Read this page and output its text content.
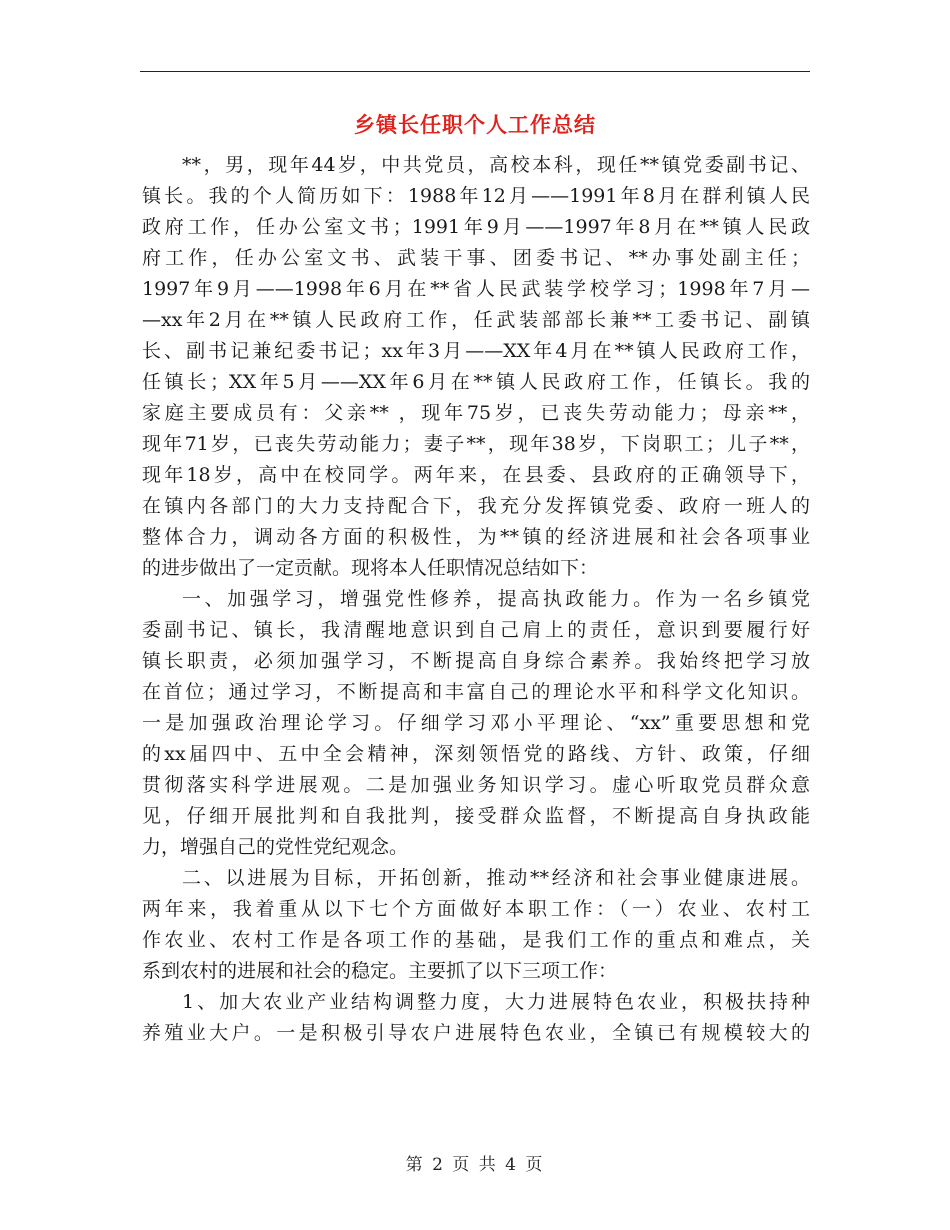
乡镇长任职个人工作总结
**，男，现年44岁，中共党员，高校本科，现任**镇党委副书记、
镇长。我的个人简历如下：1988年12月——1991年8月在群利镇人民
政府工作，任办公室文书；1991年9月——1997年8月在**镇人民政
府工作，任办公室文书、武装干事、团委书记、**办事处副主任；
1997年9月——1998年6月在**省人民武装学校学习；1998年7月—
—xx年2月在**镇人民政府工作，任武装部部长兼**工委书记、副镇
长、副书记兼纪委书记；xx年3月——XX年4月在**镇人民政府工作，
任镇长；XX年5月——XX年6月在**镇人民政府工作，任镇长。我的
家庭主要成员有：父亲** ，现年75岁，已丧失劳动能力；母亲**，
现年71岁，已丧失劳动能力；妻子**，现年38岁，下岗职工；儿子**，
现年18岁，高中在校同学。两年来，在县委、县政府的正确领导下，
在镇内各部门的大力支持配合下，我充分发挥镇党委、政府一班人的
整体合力，调动各方面的积极性，为**镇的经济进展和社会各项事业
的进步做出了一定贡献。现将本人任职情况总结如下：
一、加强学习，增强党性修养，提高执政能力。作为一名乡镇党
委副书记、镇长，我清醒地意识到自己肩上的责任，意识到要履行好
镇长职责，必须加强学习，不断提高自身综合素养。我始终把学习放
在首位；通过学习，不断提高和丰富自己的理论水平和科学文化知识。
一是加强政治理论学习。仔细学习邓小平理论、“xx”重要思想和党
的xx届四中、五中全会精神，深刻领悟党的路线、方针、政策，仔细
贯彻落实科学进展观。二是加强业务知识学习。虚心听取党员群众意
见，仔细开展批判和自我批判，接受群众监督，不断提高自身执政能
力，增强自己的党性党纪观念。
二、以进展为目标，开拓创新，推动**经济和社会事业健康进展。
两年来，我着重从以下七个方面做好本职工作：（一）农业、农村工
作农业、农村工作是各项工作的基础，是我们工作的重点和难点，关
系到农村的进展和社会的稳定。主要抓了以下三项工作：
1、加大农业产业结构调整力度，大力进展特色农业，积极扶持种
养殖业大户。一是积极引导农户进展特色农业，全镇已有规模较大的
第 2 页 共 4 页
